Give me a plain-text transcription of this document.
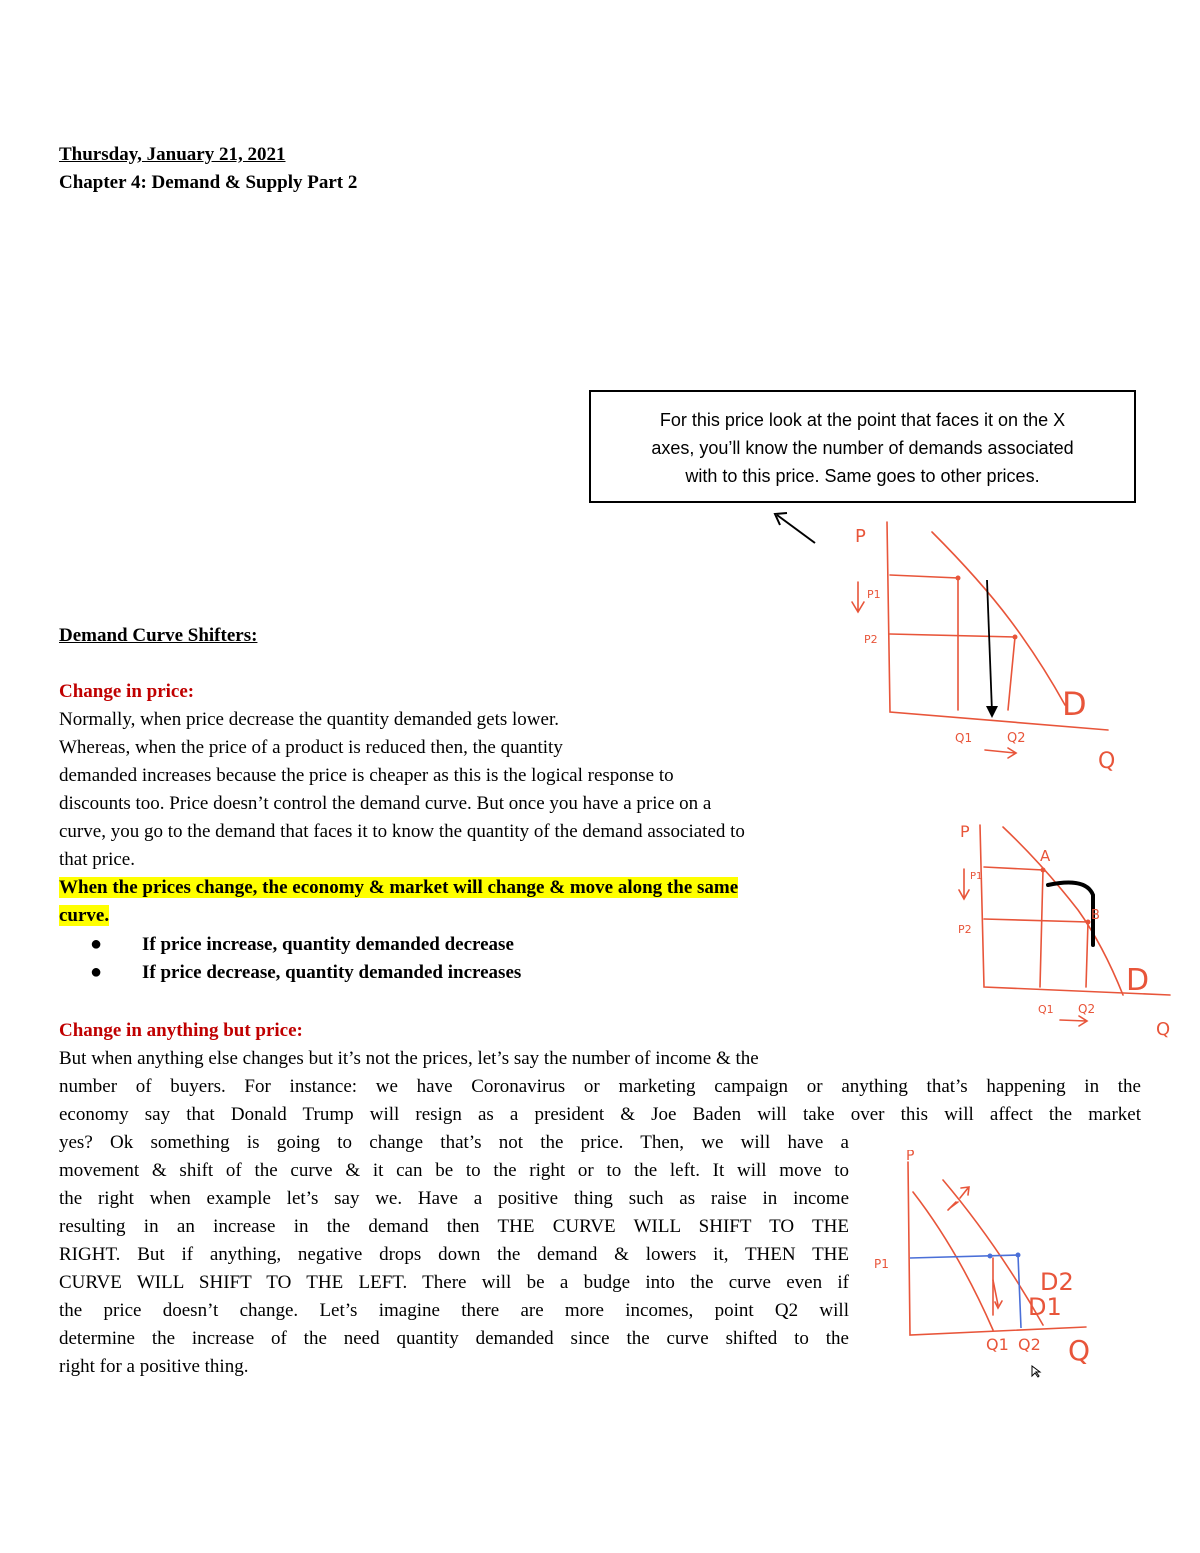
Thursday, January 21, 2021
Chapter 4: Demand & Supply Part 2
For this price look at the point that faces it on the X
axes, you’ll know the number of demands associated
with to this price. Same goes to other prices.
Demand Curve Shifters:
Change in price:
Normally, when price decrease the quantity demanded gets lower.
Whereas, when the price of a product is reduced then, the quantity
demanded increases because the price is cheaper as this is the logical response to
discounts too. Price doesn’t control the demand curve. But once you have a price on a
curve, you go to the demand that faces it to know the quantity of the demand associated to
that price.
When the prices change, the economy & market will change & move along the same
curve.
● If price increase, quantity demanded decrease
● If price decrease, quantity demanded increases
Change in anything but price:
But when anything else changes but it’s not the prices, let’s say the number of income & the
number of buyers. For instance: we have Coronavirus or marketing campaign or anything that’s happening in the
economy say that Donald Trump will resign as a president & Joe Baden will take over this will affect the market
yes? Ok something is going to change that’s not the price. Then, we will have a
movement & shift of the curve & it can be to the right or to the left. It will move to
the right when example let’s say we. Have a positive thing such as raise in income
resulting in an increase in the demand then THE CURVE WILL SHIFT TO THE
RIGHT. But if anything, negative drops down the demand & lowers it, THEN THE
CURVE WILL SHIFT TO THE LEFT. There will be a budge into the curve even if
the price doesn’t change. Let’s imagine there are more incomes, point Q2 will
determine the increase of the need quantity demanded since the curve shifted to the
right for a positive thing.
P
P1
P2
D
Q1	Q2
Q
P
P1
P2
A
B
D
Q1 Q2
Q
P
P1
D1
D2
Q1 Q2 Q
